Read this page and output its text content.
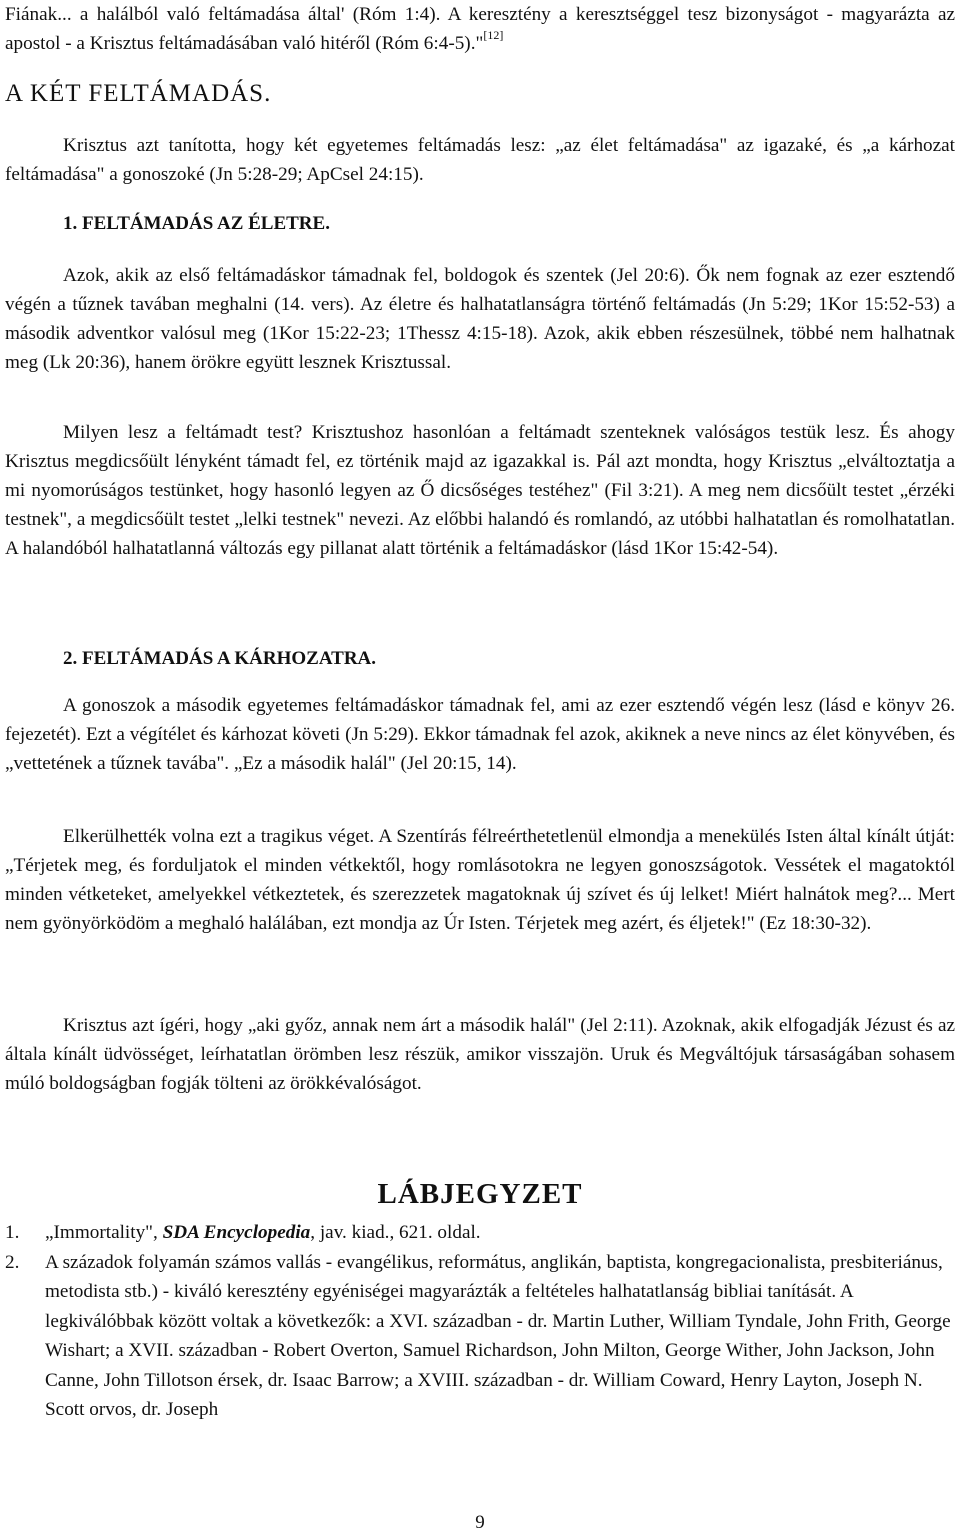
Fiának... a halálból való feltámadása által' (Róm 1:4). A keresztény a keresztséggel tesz bizonyságot - magyarázta az apostol - a Krisztus feltámadásában való hitéről (Róm 6:4-5)."[12]

A KÉT FELTÁMADÁS.

Krisztus azt tanította, hogy két egyetemes feltámadás lesz: „az élet feltámadása" az igazaké, és „a kárhozat feltámadása" a gonoszoké (Jn 5:28-29; ApCsel 24:15).

1. FELTÁMADÁS AZ ÉLETRE.

Azok, akik az első feltámadáskor támadnak fel, boldogok és szentek (Jel 20:6). Ők nem fognak az ezer esztendő végén a tűznek tavában meghalni (14. vers). Az életre és halhatatlanságra történő feltámadás (Jn 5:29; 1Kor 15:52-53) a második adventkor valósul meg (1Kor 15:22-23; 1Thessz 4:15-18). Azok, akik ebben részesülnek, többé nem halhatnak meg (Lk 20:36), hanem örökre együtt lesznek Krisztussal.

Milyen lesz a feltámadt test? Krisztushoz hasonlóan a feltámadt szenteknek valóságos testük lesz. És ahogy Krisztus megdicsőült lényként támadt fel, ez történik majd az igazakkal is. Pál azt mondta, hogy Krisztus „elváltoztatja a mi nyomorúságos testünket, hogy hasonló legyen az Ő dicsőséges testéhez" (Fil 3:21). A meg nem dicsőült testet „érzéki testnek", a megdicsőült testet „lelki testnek" nevezi. Az előbbi halandó és romlandó, az utóbbi halhatatlan és romolhatatlan. A halandóból halhatatlanná változás egy pillanat alatt történik a feltámadáskor (lásd 1Kor 15:42-54).

2. FELTÁMADÁS A KÁRHOZATRA.

A gonoszok a második egyetemes feltámadáskor támadnak fel, ami az ezer esztendő végén lesz (lásd e könyv 26. fejezetét). Ezt a végítélet és kárhozat követi (Jn 5:29). Ekkor támadnak fel azok, akiknek a neve nincs az élet könyvében, és „vettetének a tűznek tavába". „Ez a második halál" (Jel 20:15, 14).

Elkerülhették volna ezt a tragikus véget. A Szentírás félreérthetetlenül elmondja a menekülés Isten által kínált útját: „Térjetek meg, és forduljatok el minden vétkektől, hogy romlásotokra ne legyen gonoszságotok. Vessétek el magatoktól minden vétketeket, amelyekkel vétkeztetek, és szerezzetek magatoknak új szívet és új lelket! Miért halnátok meg?... Mert nem gyönyörködöm a meghaló halálában, ezt mondja az Úr Isten. Térjetek meg azért, és éljetek!" (Ez 18:30-32).

Krisztus azt ígéri, hogy „aki győz, annak nem árt a második halál" (Jel 2:11). Azoknak, akik elfogadják Jézust és az általa kínált üdvösséget, leírhatatlan örömben lesz részük, amikor visszajön. Uruk és Megváltójuk társaságában sohasem múló boldogságban fogják tölteni az örökkévalóságot.

LÁBJEGYZET
1.	„Immortality", SDA Encyclopedia, jav. kiad., 621. oldal.
2.	A századok folyamán számos vallás - evangélikus, református, anglikán, baptista, kongregacionalista, presbiteriánus, metodista stb.) - kiváló keresztény egyéniségei magyarázták a feltételes halhatatlanság bibliai tanítását. A legkiválóbbak között voltak a következők: a XVI. században - dr. Martin Luther, William Tyndale, John Frith, George Wishart; a XVII. században - Robert Overton, Samuel Richardson, John Milton, George Wither, John Jackson, John Canne, John Tillotson érsek, dr. Isaac Barrow; a XVIII. században - dr. William Coward, Henry Layton, Joseph N. Scott orvos, dr. Joseph
9
